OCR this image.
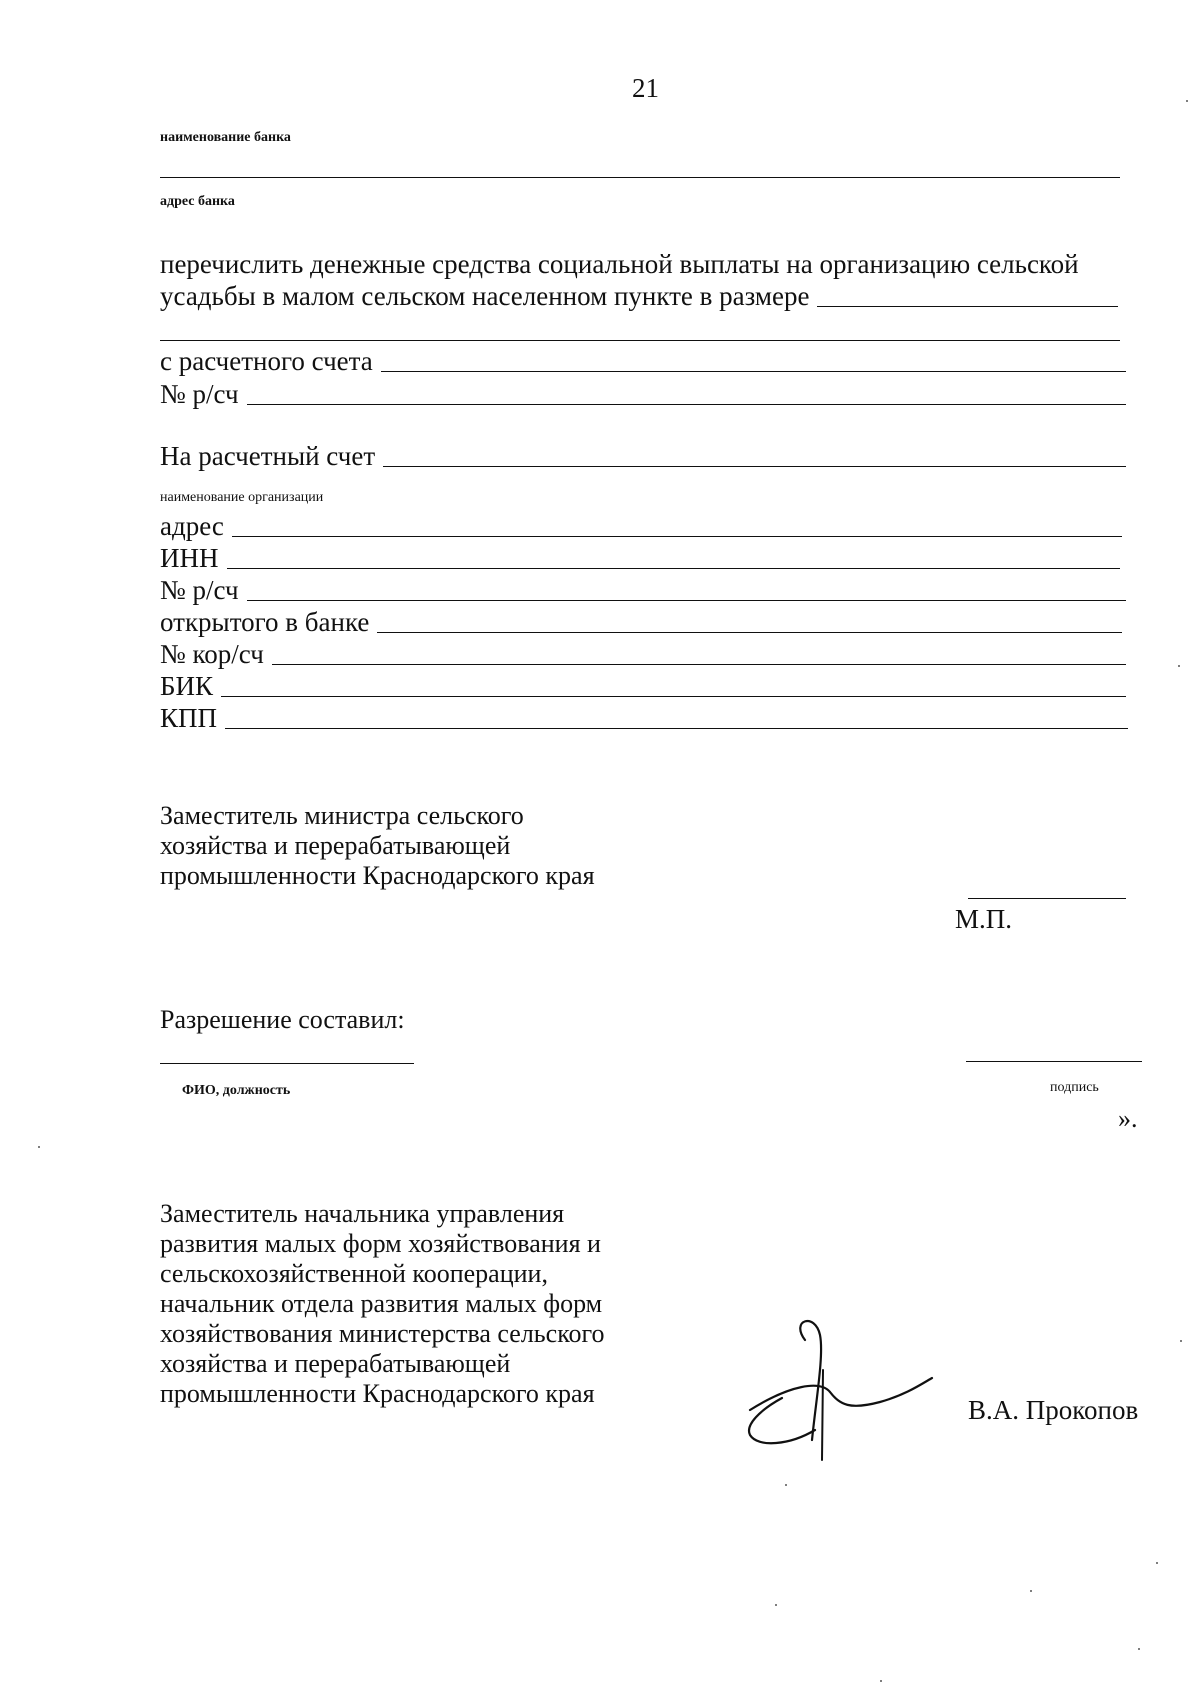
21
наименование банка
адрес банка
перечислить денежные средства социальной выплаты на организацию сельской
усадьбы в малом сельском населенном пункте в размере
с расчетного счета
№ р/сч
На расчетный счет
наименование организации
адрес
ИНН
№ р/сч
открытого в банке
№ кор/сч
БИК
КПП
Заместитель министра сельского
хозяйства и перерабатывающей
промышленности Краснодарского края
М.П.
Разрешение составил:
ФИО, должность	подпись
».
Заместитель начальника управления
развития малых форм хозяйствования и
сельскохозяйственной кооперации,
начальник отдела развития малых форм
хозяйствования министерства сельского
хозяйства и перерабатывающей
промышленности Краснодарского края
В.А. Прокопов
